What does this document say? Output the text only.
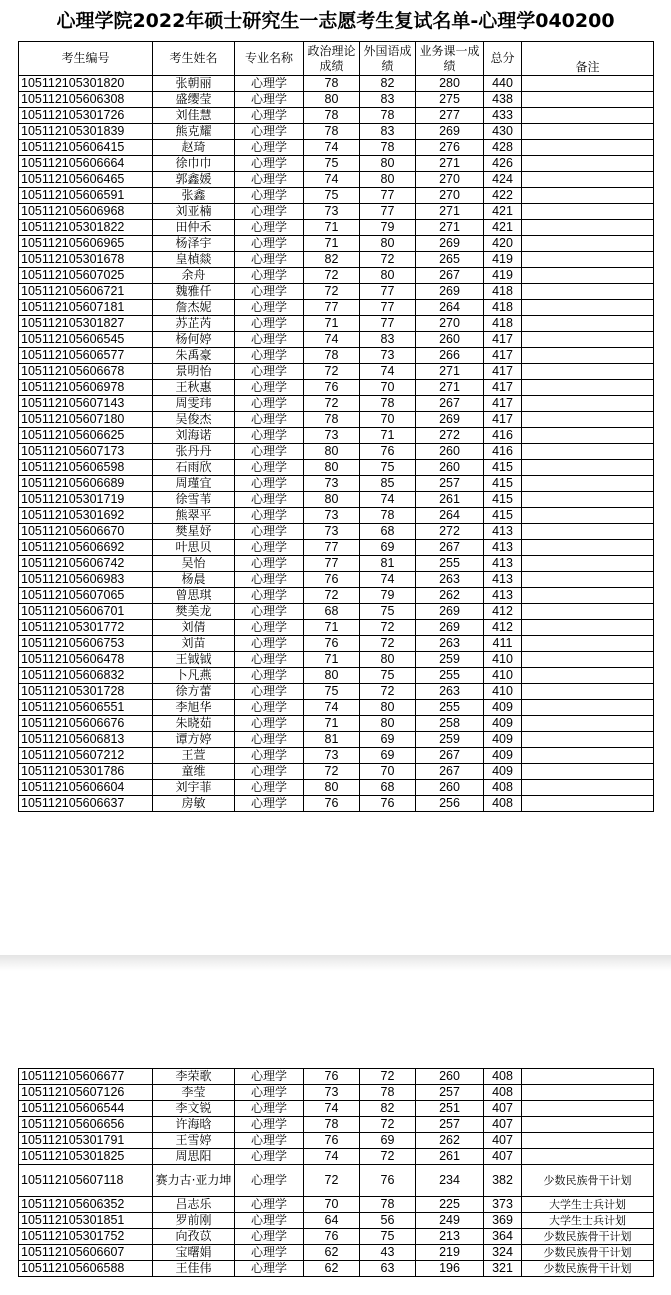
心理学院2022年硕士研究生一志愿考生复试名单-心理学040200
考生编号	考生姓名	专业名称	政治理论成绩	外国语成绩	业务课一成绩	总分	备注
105112105301820	张朝丽	心理学	78	82	280	440	
105112105606308	盛缨莹	心理学	80	83	275	438	
105112105301726	刘佳慧	心理学	78	78	277	433	
105112105301839	熊克耀	心理学	78	83	269	430	
105112105606415	赵琦	心理学	74	78	276	428	
105112105606664	徐巾巾	心理学	75	80	271	426	
105112105606465	郭鑫媛	心理学	74	80	270	424	
105112105606591	张鑫	心理学	75	77	270	422	
105112105606968	刘亚楠	心理学	73	77	271	421	
105112105301822	田仲禾	心理学	71	79	271	421	
105112105606965	杨泽宇	心理学	71	80	269	420	
105112105301678	皇楨燚	心理学	82	72	265	419	
105112105607025	余舟	心理学	72	80	267	419	
105112105606721	魏雅仟	心理学	72	77	269	418	
105112105607181	詹杰妮	心理学	77	77	264	418	
105112105301827	苏芷芮	心理学	71	77	270	418	
105112105606545	杨何婷	心理学	74	83	260	417	
105112105606577	朱禹豪	心理学	78	73	266	417	
105112105606678	景明怡	心理学	72	74	271	417	
105112105606978	王秋惠	心理学	76	70	271	417	
105112105607143	周雯玮	心理学	72	78	267	417	
105112105607180	吴俊杰	心理学	78	70	269	417	
105112105606625	刘海诺	心理学	73	71	272	416	
105112105607173	张丹丹	心理学	80	76	260	416	
105112105606598	石雨欣	心理学	80	75	260	415	
105112105606689	周瑾宜	心理学	73	85	257	415	
105112105301719	徐雪苇	心理学	80	74	261	415	
105112105301692	熊翠平	心理学	73	78	264	415	
105112105606670	樊星妤	心理学	73	68	272	413	
105112105606692	叶思贝	心理学	77	69	267	413	
105112105606742	吴怡	心理学	77	81	255	413	
105112105606983	杨晨	心理学	76	74	263	413	
105112105607065	曾思琪	心理学	72	79	262	413	
105112105606701	樊美龙	心理学	68	75	269	412	
105112105301772	刘倩	心理学	71	72	269	412	
105112105606753	刘苗	心理学	76	72	263	411	
105112105606478	王钺钺	心理学	71	80	259	410	
105112105606832	卜凡燕	心理学	80	75	255	410	
105112105301728	徐方蕾	心理学	75	72	263	410	
105112105606551	李旭华	心理学	74	80	255	409	
105112105606676	朱晓茹	心理学	71	80	258	409	
105112105606813	谭方婷	心理学	81	69	259	409	
105112105607212	王萱	心理学	73	69	267	409	
105112105301786	童维	心理学	72	70	267	409	
105112105606604	刘宇菲	心理学	80	68	260	408	
105112105606637	房敏	心理学	76	76	256	408	
105112105606677	李荣歌	心理学	76	72	260	408	
105112105607126	李莹	心理学	73	78	257	408	
105112105606544	李文锐	心理学	74	82	251	407	
105112105606656	许海晗	心理学	78	72	257	407	
105112105301791	王雪婷	心理学	76	69	262	407	
105112105301825	周思阳	心理学	74	72	261	407	
105112105607118	赛力古·亚力坤	心理学	72	76	234	382	少数民族骨干计划
105112105606352	吕志乐	心理学	70	78	225	373	大学生士兵计划
105112105301851	罗前刚	心理学	64	56	249	369	大学生士兵计划
105112105301752	向孜苡	心理学	76	75	213	364	少数民族骨干计划
105112105606607	宝曙娟	心理学	62	43	219	324	少数民族骨干计划
105112105606588	王佳伟	心理学	62	63	196	321	少数民族骨干计划
